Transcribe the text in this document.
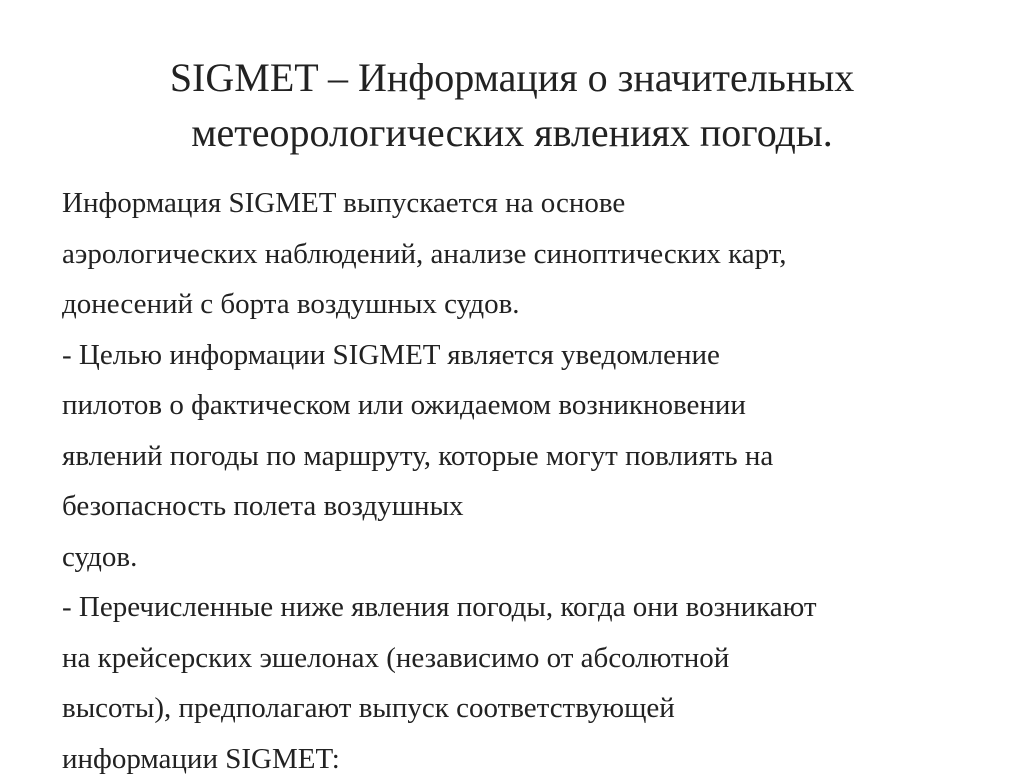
SIGMET – Информация о значительных
метеорологических явлениях погоды.
Информация SIGMET выпускается на основе
аэрологических наблюдений, анализе синоптических карт,
донесений с борта воздушных судов.
- Целью информации SIGMET является уведомление
пилотов о фактическом или ожидаемом возникновении
явлений погоды по маршруту, которые могут повлиять на
безопасность полета воздушных
судов.
- Перечисленные ниже явления погоды, когда они возникают
на крейсерских эшелонах (независимо от абсолютной
высоты), предполагают выпуск соответствующей
информации SIGMET:
